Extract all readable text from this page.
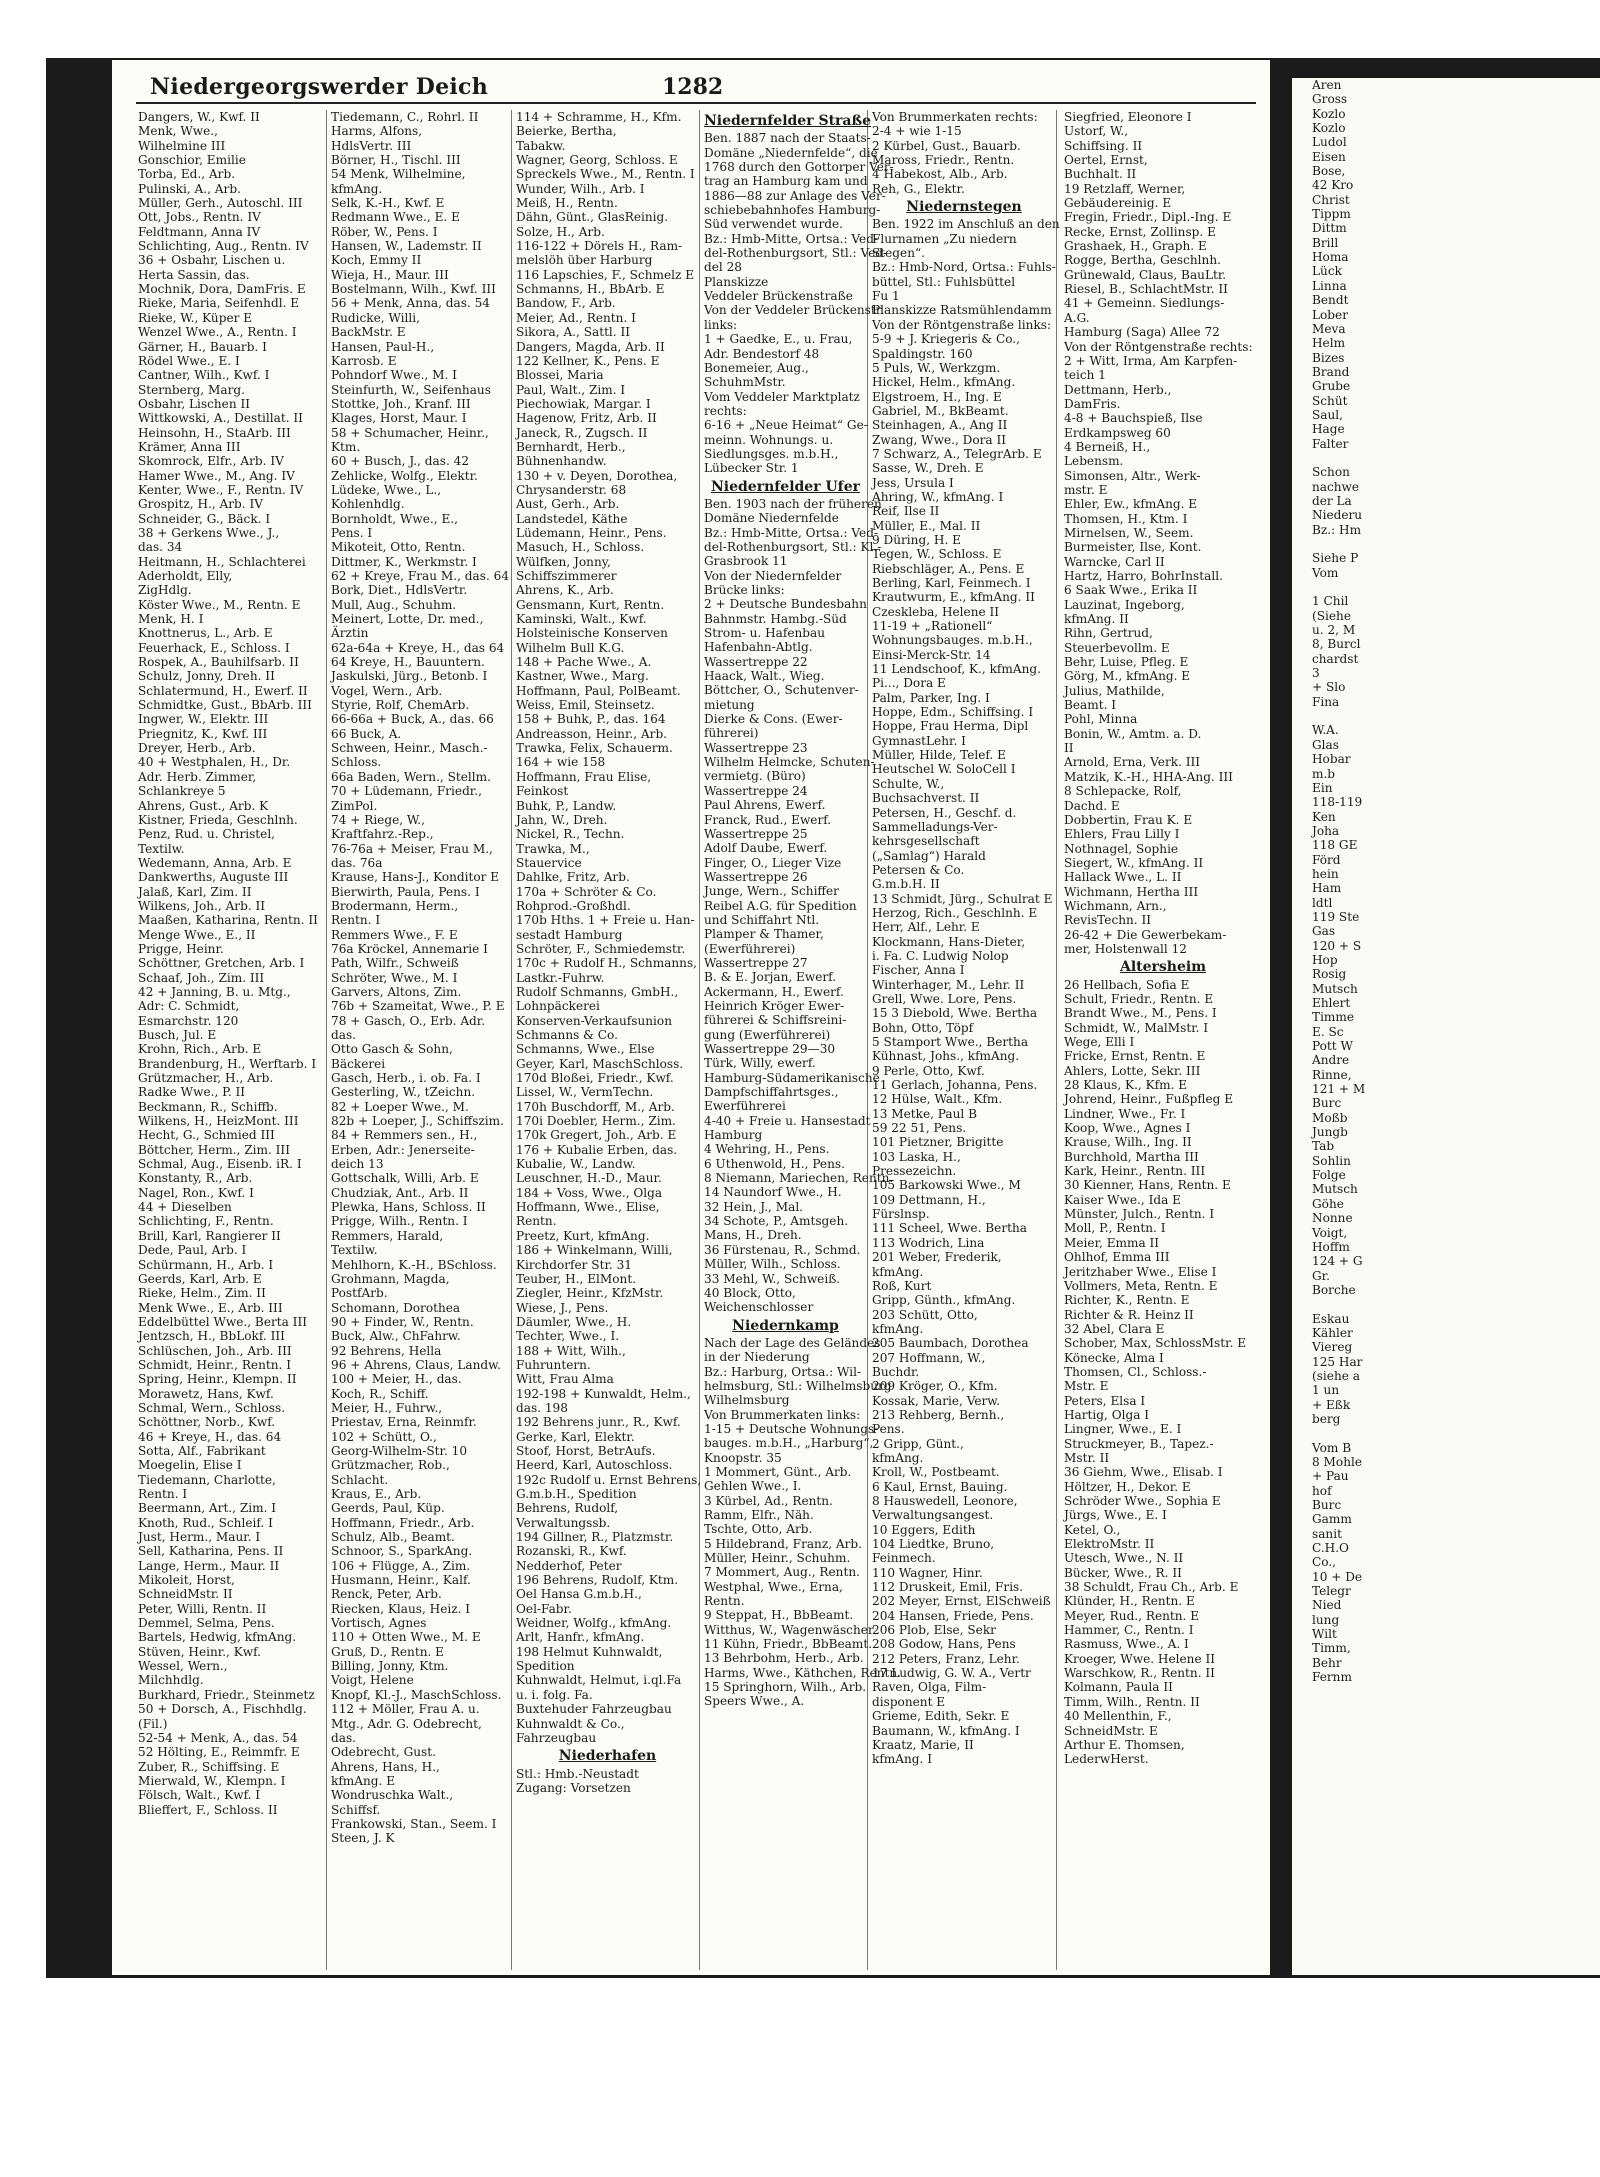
Niedergeorgswerder Deich	1282
Dangers, W., Kwf. II
Menk, Wwe.,
Wilhelmine III
Gonschior, Emilie
Torba, Ed., Arb.
Pulinski, A., Arb.
Müller, Gerh., Autoschl. III
Ott, Jobs., Rentn. IV
Feldtmann, Anna IV
Schlichting, Aug., Rentn. IV
36 + Osbahr, Lischen u.
Herta Sassin, das.
Mochnik, Dora, DamFris. E
Rieke, Maria, Seifenhdl. E
Rieke, W., Küper E
Wenzel Wwe., A., Rentn. I
Gärner, H., Bauarb. I
Rödel Wwe., E. I
Cantner, Wilh., Kwf. I
Sternberg, Marg.
Osbahr, Lischen II
Wittkowski, A., Destillat. II
Heinsohn, H., StaArb. III
Krämer, Anna III
Skomrock, Elfr., Arb. IV
Hamer Wwe., M., Ang. IV
Kenter, Wwe., F., Rentn. IV
Grospitz, H., Arb. IV
Schneider, G., Bäck. I
38 + Gerkens Wwe., J.,
das. 34
Heitmann, H., Schlachterei
Aderholdt, Elly,
ZigHdlg.
Köster Wwe., M., Rentn. E
Menk, H. I
Knottnerus, L., Arb. E
Feuerhack, E., Schloss. I
Rospek, A., Bauhilfsarb. II
Schulz, Jonny, Dreh. II
Schlatermund, H., Ewerf. II
Schmidtke, Gust., BbArb. III
Ingwer, W., Elektr. III
Priegnitz, K., Kwf. III
Dreyer, Herb., Arb.
40 + Westphalen, H., Dr.
Adr. Herb. Zimmer,
Schlankreye 5
Ahrens, Gust., Arb. K
Kistner, Frieda, Geschlnh.
Penz, Rud. u. Christel,
Textilw.
Wedemann, Anna, Arb. E
Dankwerths, Auguste III
Jalaß, Karl, Zim. II
Wilkens, Joh., Arb. II
Maaßen, Katharina, Rentn. II
Menge Wwe., E., II
Prigge, Heinr.
Schöttner, Gretchen, Arb. I
Schaaf, Joh., Zim. III
42 + Janning, B. u. Mtg.,
Adr: C. Schmidt,
Esmarchstr. 120
Busch, Jul. E
Krohn, Rich., Arb. E
Brandenburg, H., Werftarb. I
Grützmacher, H., Arb.
Radke Wwe., P. II
Beckmann, R., Schiffb.
Wilkens, H., HeizMont. III
Hecht, G., Schmied III
Böttcher, Herm., Zim. III
Schmal, Aug., Eisenb. iR. I
Konstanty, R., Arb.
Nagel, Ron., Kwf. I
44 + Dieselben
Schlichting, F., Rentn.
Brill, Karl, Rangierer II
Dede, Paul, Arb. I
Schürmann, H., Arb. I
Geerds, Karl, Arb. E
Rieke, Helm., Zim. II
Menk Wwe., E., Arb. III
Eddelbüttel Wwe., Berta III
Jentzsch, H., BbLokf. III
Schlüschen, Joh., Arb. III
Schmidt, Heinr., Rentn. I
Spring, Heinr., Klempn. II
Morawetz, Hans, Kwf.
Schmal, Wern., Schloss.
Schöttner, Norb., Kwf.
46 + Kreye, H., das. 64
Sotta, Alf., Fabrikant
Moegelin, Elise I
Tiedemann, Charlotte,
Rentn. I
Beermann, Art., Zim. I
Knoth, Rud., Schleif. I
Just, Herm., Maur. I
Sell, Katharina, Pens. II
Lange, Herm., Maur. II
Mikoleit, Horst,
SchneidMstr. II
Peter, Willi, Rentn. II
Demmel, Selma, Pens.
Bartels, Hedwig, kfmAng.
Stüven, Heinr., Kwf.
Wessel, Wern.,
Milchhdlg.
Burkhard, Friedr., Steinmetz
50 + Dorsch, A., Fischhdlg.
(Fil.)
52-54 + Menk, A., das. 54
52 Hölting, E., Reimmfr. E
Zuber, R., Schiffsing. E
Mierwald, W., Klempn. I
Fölsch, Walt., Kwf. I
Blieffert, F., Schloss. II
Tiedemann, C., Rohrl. II
Harms, Alfons,
HdlsVertr. III
Börner, H., Tischl. III
54 Menk, Wilhelmine,
kfmAng.
Selk, K.-H., Kwf. E
Redmann Wwe., E. E
Röber, W., Pens. I
Hansen, W., Lademstr. II
Koch, Emmy II
Wieja, H., Maur. III
Bostelmann, Wilh., Kwf. III
56 + Menk, Anna, das. 54
Rudicke, Willi,
BackMstr. E
Hansen, Paul-H.,
Karrosb. E
Pohndorf Wwe., M. I
Steinfurth, W., Seifenhaus
Stottke, Joh., Kranf. III
Klages, Horst, Maur. I
58 + Schumacher, Heinr.,
Ktm.
60 + Busch, J., das. 42
Zehlicke, Wolfg., Elektr.
Lüdeke, Wwe., L.,
Kohlenhdlg.
Bornholdt, Wwe., E.,
Pens. I
Mikoteit, Otto, Rentn.
Dittmer, K., Werkmstr. I
62 + Kreye, Frau M., das. 64
Bork, Diet., HdlsVertr.
Mull, Aug., Schuhm.
Meinert, Lotte, Dr. med.,
Ärztin
62a-64a + Kreye, H., das 64
64 Kreye, H., Bauuntern.
Jaskulski, Jürg., Betonb. I
Vogel, Wern., Arb.
Styrie, Rolf, ChemArb.
66-66a + Buck, A., das. 66
66 Buck, A.
Schween, Heinr., Masch.-
Schloss.
66a Baden, Wern., Stellm.
70 + Lüdemann, Friedr.,
ZimPol.
74 + Riege, W.,
Kraftfahrz.-Rep.,
76-76a + Meiser, Frau M.,
das. 76a
Krause, Hans-J., Konditor E
Bierwirth, Paula, Pens. I
Brodermann, Herm.,
Rentn. I
Remmers Wwe., F. E
76a Kröckel, Annemarie I
Path, Wilfr., Schweiß
Schröter, Wwe., M. I
Garvers, Altons, Zim.
76b + Szameitat, Wwe., P. E
78 + Gasch, O., Erb. Adr.
das.
Otto Gasch & Sohn,
Bäckerei
Gasch, Herb., i. ob. Fa. I
Gesterling, W., tZeichn.
82 + Loeper Wwe., M.
82b + Loeper, J., Schiffszim.
84 + Remmers sen., H.,
Erben, Adr.: Jenerseite-
deich 13
Gottschalk, Willi, Arb. E
Chudziak, Ant., Arb. II
Plewka, Hans, Schloss. II
Prigge, Wilh., Rentn. I
Remmers, Harald,
Textilw.
Mehlhorn, K.-H., BSchloss.
Grohmann, Magda,
PostfArb.
Schomann, Dorothea
90 + Finder, W., Rentn.
Buck, Alw., ChFahrw.
92 Behrens, Hella
96 + Ahrens, Claus, Landw.
100 + Meier, H., das.
Koch, R., Schiff.
Meier, H., Fuhrw.,
Priestav, Erna, Reinmfr.
102 + Schütt, O.,
Georg-Wilhelm-Str. 10
Grützmacher, Rob.,
Schlacht.
Kraus, E., Arb.
Geerds, Paul, Küp.
Hoffmann, Friedr., Arb.
Schulz, Alb., Beamt.
Schnoor, S., SparkAng.
106 + Flügge, A., Zim.
Husmann, Heinr., Kalf.
Renck, Peter, Arb.
Riecken, Klaus, Heiz. I
Vortisch, Agnes
110 + Otten Wwe., M. E
Gruß, D., Rentn. E
Billing, Jonny, Ktm.
Voigt, Helene
Knopf, Kl.-J., MaschSchloss.
112 + Möller, Frau A. u.
Mtg., Adr. G. Odebrecht,
das.
Odebrecht, Gust.
Ahrens, Hans, H.,
kfmAng. E
Wondruschka Walt.,
Schiffsf.
Frankowski, Stan., Seem. I
Steen, J. K
114 + Schramme, H., Kfm.
Beierke, Bertha,
Tabakw.
Wagner, Georg, Schloss. E
Spreckels Wwe., M., Rentn. I
Wunder, Wilh., Arb. I
Meiß, H., Rentn.
Dähn, Günt., GlasReinig.
Solze, H., Arb.
116-122 + Dörels H., Ram-
melslöh über Harburg
116 Lapschies, F., Schmelz E
Schmanns, H., BbArb. E
Bandow, F., Arb.
Meier, Ad., Rentn. I
Sikora, A., Sattl. II
Dangers, Magda, Arb. II
122 Kellner, K., Pens. E
Blossei, Maria
Paul, Walt., Zim. I
Piechowiak, Margar. I
Hagenow, Fritz, Arb. II
Janeck, R., Zugsch. II
Bernhardt, Herb.,
Bühnenhandw.
130 + v. Deyen, Dorothea,
Chrysanderstr. 68
Aust, Gerh., Arb.
Landstedel, Käthe
Lüdemann, Heinr., Pens.
Masuch, H., Schloss.
Wülfken, Jonny,
Schiffszimmerer
Ahrens, K., Arb.
Gensmann, Kurt, Rentn.
Kaminski, Walt., Kwf.
Holsteinische Konserven
Wilhelm Bull K.G.
148 + Pache Wwe., A.
Kastner, Wwe., Marg.
Hoffmann, Paul, PolBeamt.
Weiss, Emil, Steinsetz.
158 + Buhk, P., das. 164
Andreasson, Heinr., Arb.
Trawka, Felix, Schauerm.
164 + wie 158
Hoffmann, Frau Elise,
Feinkost
Buhk, P., Landw.
Jahn, W., Dreh.
Nickel, R., Techn.
Trawka, M.,
Stauervice
Dahlke, Fritz, Arb.
170a + Schröter & Co.
Rohprod.-Großhdl.
170b Hths. 1 + Freie u. Han-
sestadt Hamburg
Schröter, F., Schmiedemstr.
170c + Rudolf H., Schmanns,
Lastkr.-Fuhrw.
Rudolf Schmanns, GmbH.,
Lohnpäckerei
Konserven-Verkaufsunion
Schmanns & Co.
Schmanns, Wwe., Else
Geyer, Karl, MaschSchloss.
170d Bloßei, Friedr., Kwf.
Lissel, W., VermTechn.
170h Buschdorff, M., Arb.
170i Doebler, Herm., Zim.
170k Gregert, Joh., Arb. E
176 + Kubalie Erben, das.
Kubalie, W., Landw.
Leuschner, H.-D., Maur.
184 + Voss, Wwe., Olga
Hoffmann, Wwe., Elise,
Rentn.
Preetz, Kurt, kfmAng.
186 + Winkelmann, Willi,
Kirchdorfer Str. 31
Teuber, H., ElMont.
Ziegler, Heinr., KfzMstr.
Wiese, J., Pens.
Däumler, Wwe., H.
Techter, Wwe., I.
188 + Witt, Wilh.,
Fuhruntern.
Witt, Frau Alma
192-198 + Kunwaldt, Helm.,
das. 198
192 Behrens junr., R., Kwf.
Gerke, Karl, Elektr.
Stoof, Horst, BetrAufs.
Heerd, Karl, Autoschloss.
192c Rudolf u. Ernst Behrens,
G.m.b.H., Spedition
Behrens, Rudolf,
Verwaltungssb.
194 Gillner, R., Platzmstr.
Rozanski, R., Kwf.
Nedderhof, Peter
196 Behrens, Rudolf, Ktm.
Oel Hansa G.m.b.H.,
Oel-Fabr.
Weidner, Wolfg., kfmAng.
Arlt, Hanfr., kfmAng.
198 Helmut Kuhnwaldt,
Spedition
Kuhnwaldt, Helmut, i.ql.Fa
u. i. folg. Fa.
Buxtehuder Fahrzeugbau
Kuhnwaldt & Co.,
Fahrzeugbau
Niederhafen
Stl.: Hmb.-Neustadt
Zugang: Vorsetzen
Niedernfelder Straße
Ben. 1887 nach der Staats-
Domäne „Niedernfelde“, die
1768 durch den Gottorper Ver-
trag an Hamburg kam und
1886—88 zur Anlage des Ver-
schiebebahnhofes Hamburg-
Süd verwendet wurde.
Bz.: Hmb-Mitte, Ortsa.: Ved-
del-Rothenburgsort, Stl.: Ved-
del 28
Planskizze
Veddeler Brückenstraße
Von der Veddeler Brückenstr.
links:
1 + Gaedke, E., u. Frau,
Adr. Bendestorf 48
Bonemeier, Aug.,
SchuhmMstr.
Vom Veddeler Marktplatz
rechts:
6-16 + „Neue Heimat“ Ge-
meinn. Wohnungs. u.
Siedlungsges. m.b.H.,
Lübecker Str. 1
Niedernfelder Ufer
Ben. 1903 nach der früheren
Domäne Niedernfelde
Bz.: Hmb-Mitte, Ortsa.: Ved-
del-Rothenburgsort, Stl.: Kl.-
Grasbrook 11
Von der Niedernfelder
Brücke links:
2 + Deutsche Bundesbahn
Bahnmstr. Hambg.-Süd
Strom- u. Hafenbau
Hafenbahn-Abtlg.
Wassertreppe 22
Haack, Walt., Wieg.
Böttcher, O., Schutenver-
mietung
Dierke & Cons. (Ewer-
führerei)
Wassertreppe 23
Wilhelm Helmcke, Schuten-
vermietg. (Büro)
Wassertreppe 24
Paul Ahrens, Ewerf.
Franck, Rud., Ewerf.
Wassertreppe 25
Adolf Daube, Ewerf.
Finger, O., Lieger Vize
Wassertreppe 26
Junge, Wern., Schiffer
Reibel A.G. für Spedition
und Schiffahrt Ntl.
Plamper & Thamer,
(Ewerführerei)
Wassertreppe 27
B. & E. Jorjan, Ewerf.
Ackermann, H., Ewerf.
Heinrich Kröger Ewer-
führerei & Schiffsreini-
gung (Ewerführerei)
Wassertreppe 29—30
Türk, Willy, ewerf.
Hamburg-Südamerikanische
Dampfschiffahrtsges.,
Ewerführerei
4-40 + Freie u. Hansestadt
Hamburg
4 Wehring, H., Pens.
6 Uthenwold, H., Pens.
8 Niemann, Mariechen, Rentn.
14 Naundorf Wwe., H.
32 Hein, J., Mal.
34 Schote, P., Amtsgeh.
Mans, H., Dreh.
36 Fürstenau, R., Schmd.
Müller, Wilh., Schloss.
33 Mehl, W., Schweiß.
40 Block, Otto,
Weichenschlosser
Niedernkamp
Nach der Lage des Geländes
in der Niederung
Bz.: Harburg, Ortsa.: Wil-
helmsburg, Stl.: Wilhelmsburg
Wilhelmsburg
Von Brummerkaten links:
1-15 + Deutsche Wohnungs-
bauges. m.b.H., „Harburg“,
Knoopstr. 35
1 Mommert, Günt., Arb.
Gehlen Wwe., I.
3 Kürbel, Ad., Rentn.
Ramm, Elfr., Näh.
Tschte, Otto, Arb.
5 Hildebrand, Franz, Arb.
Müller, Heinr., Schuhm.
7 Mommert, Aug., Rentn.
Westphal, Wwe., Erna,
Rentn.
9 Steppat, H., BbBeamt.
Witthus, W., Wagenwäscher
11 Kühn, Friedr., BbBeamt.
13 Behrbohm, Herb., Arb.
Harms, Wwe., Käthchen, Rentn.
15 Springhorn, Wilh., Arb.
Speers Wwe., A.
Von Brummerkaten rechts:
2-4 + wie 1-15
2 Kürbel, Gust., Bauarb.
Maross, Friedr., Rentn.
4 Habekost, Alb., Arb.
Reh, G., Elektr.
Niedernstegen
Ben. 1922 im Anschluß an den
Flurnamen „Zu niedern
Stegen“.
Bz.: Hmb-Nord, Ortsa.: Fuhls-
büttel, Stl.: Fuhlsbüttel
Fu 1
Planskizze Ratsmühlendamm
Von der Röntgenstraße links:
5-9 + J. Kriegeris & Co.,
Spaldingstr. 160
5 Puls, W., Werkzgm.
Hickel, Helm., kfmAng.
Elgstroem, H., Ing. E
Gabriel, M., BkBeamt.
Steinhagen, A., Ang II
Zwang, Wwe., Dora II
7 Schwarz, A., TelegrArb. E
Sasse, W., Dreh. E
Jess, Ursula I
Ahring, W., kfmAng. I
Reif, Ilse II
Müller, E., Mal. II
9 Düring, H. E
Tegen, W., Schloss. E
Riebschläger, A., Pens. E
Berling, Karl, Feinmech. I
Krautwurm, E., kfmAng. II
Czeskleba, Helene II
11-19 + „Rationell“
Wohnungsbauges. m.b.H.,
Einsi-Merck-Str. 14
11 Lendschoof, K., kfmAng.
Pi..., Dora E
Palm, Parker, Ing. I
Hoppe, Edm., Schiffsing. I
Hoppe, Frau Herma, Dipl
GymnastLehr. I
Müller, Hilde, Telef. E
Heutschel W. SoloCell I
Schulte, W.,
Buchsachverst. II
Petersen, H., Geschf. d.
Sammelladungs-Ver-
kehrsgesellschaft
(„Samlag“) Harald
Petersen & Co.
G.m.b.H. II
13 Schmidt, Jürg., Schulrat E
Herzog, Rich., Geschlnh. E
Herr, Alf., Lehr. E
Klockmann, Hans-Dieter,
i. Fa. C. Ludwig Nolop
Fischer, Anna I
Winterhager, M., Lehr. II
Grell, Wwe. Lore, Pens.
15 3 Diebold, Wwe. Bertha
Bohn, Otto, Töpf
5 Stamport Wwe., Bertha
Kühnast, Johs., kfmAng.
9 Perle, Otto, Kwf.
11 Gerlach, Johanna, Pens.
12 Hülse, Walt., Kfm.
13 Metke, Paul B
59 22 51, Pens.
101 Pietzner, Brigitte
103 Laska, H.,
Pressezeichn.
105 Barkowski Wwe., M
109 Dettmann, H.,
Fürslnsp.
111 Scheel, Wwe. Bertha
113 Wodrich, Lina
201 Weber, Frederik,
kfmAng.
Roß, Kurt
Gripp, Günth., kfmAng.
203 Schütt, Otto,
kfmAng.
205 Baumbach, Dorothea
207 Hoffmann, W.,
Buchdr.
209 Kröger, O., Kfm.
Kossak, Marie, Verw.
213 Rehberg, Bernh.,
Pens.
2 Gripp, Günt.,
kfmAng.
Kroll, W., Postbeamt.
6 Kaul, Ernst, Bauing.
8 Hauswedell, Leonore,
Verwaltungsangest.
10 Eggers, Edith
104 Liedtke, Bruno,
Feinmech.
110 Wagner, Hinr.
112 Druskeit, Emil, Fris.
202 Meyer, Ernst, ElSchweiß
204 Hansen, Friede, Pens.
206 Plob, Else, Sekr
208 Godow, Hans, Pens
212 Peters, Franz, Lehr.
17 Ludwig, G. W. A., Vertr
Raven, Olga, Film-
disponent E
Grieme, Edith, Sekr. E
Baumann, W., kfmAng. I
Kraatz, Marie, II
kfmAng. I
Siegfried, Eleonore I
Ustorf, W.,
Schiffsing. II
Oertel, Ernst,
Buchhalt. II
19 Retzlaff, Werner,
Gebäudereinig. E
Fregin, Friedr., Dipl.-Ing. E
Recke, Ernst, Zollinsp. E
Grashaek, H., Graph. E
Rogge, Bertha, Geschlnh.
Grünewald, Claus, BauLtr.
Riesel, B., SchlachtMstr. II
41 + Gemeinn. Siedlungs-
A.G.
Hamburg (Saga) Allee 72
Von der Röntgenstraße rechts:
2 + Witt, Irma, Am Karpfen-
teich 1
Dettmann, Herb.,
DamFris.
4-8 + Bauchspieß, Ilse
Erdkampsweg 60
4 Berneiß, H.,
Lebensm.
Simonsen, Altr., Werk-
mstr. E
Ehler, Ew., kfmAng. E
Thomsen, H., Ktm. I
Mirnelsen, W., Seem.
Burmeister, Ilse, Kont.
Warncke, Carl II
Hartz, Harro, BohrInstall.
6 Saak Wwe., Erika II
Lauzinat, Ingeborg,
kfmAng. II
Rihn, Gertrud,
Steuerbevollm. E
Behr, Luise, Pfleg. E
Görg, M., kfmAng. E
Julius, Mathilde,
Beamt. I
Pohl, Minna
Bonin, W., Amtm. a. D.
II
Arnold, Erna, Verk. III
Matzik, K.-H., HHA-Ang. III
8 Schlepacke, Rolf,
Dachd. E
Dobbertin, Frau K. E
Ehlers, Frau Lilly I
Nothnagel, Sophie
Siegert, W., kfmAng. II
Hallack Wwe., L. II
Wichmann, Hertha III
Wichmann, Arn.,
RevisTechn. II
26-42 + Die Gewerbekam-
mer, Holstenwall 12
Altersheim
26 Hellbach, Sofia E
Schult, Friedr., Rentn. E
Brandt Wwe., M., Pens. I
Schmidt, W., MalMstr. I
Wege, Elli I
Fricke, Ernst, Rentn. E
Ahlers, Lotte, Sekr. III
28 Klaus, K., Kfm. E
Johrend, Heinr., Fußpfleg E
Lindner, Wwe., Fr. I
Koop, Wwe., Agnes I
Krause, Wilh., Ing. II
Burchhold, Martha III
Kark, Heinr., Rentn. III
30 Kienner, Hans, Rentn. E
Kaiser Wwe., Ida E
Münster, Julch., Rentn. I
Moll, P., Rentn. I
Meier, Emma II
Ohlhof, Emma III
Jeritzhaber Wwe., Elise I
Vollmers, Meta, Rentn. E
Richter, K., Rentn. E
Richter & R. Heinz II
32 Abel, Clara E
Schober, Max, SchlossMstr. E
Könecke, Alma I
Thomsen, Cl., Schloss.-
Mstr. E
Peters, Elsa I
Hartig, Olga I
Lingner, Wwe., E. I
Struckmeyer, B., Tapez.-
Mstr. II
36 Giehm, Wwe., Elisab. I
Höltzer, H., Dekor. E
Schröder Wwe., Sophia E
Jürgs, Wwe., E. I
Ketel, O.,
ElektroMstr. II
Utesch, Wwe., N. II
Bücker, Wwe., R. II
38 Schuldt, Frau Ch., Arb. E
Klünder, H., Rentn. E
Meyer, Rud., Rentn. E
Hammer, C., Rentn. I
Rasmuss, Wwe., A. I
Kroeger, Wwe. Helene II
Warschkow, R., Rentn. II
Kolmann, Paula II
Timm, Wilh., Rentn. II
40 Mellenthin, F.,
SchneidMstr. E
Arthur E. Thomsen,
LederwHerst.
Aren
Gross
Kozlo
Kozlo
Ludol
Eisen
Bose,
42 Kro
Christ
Tippm
Dittm
Brill
Homa
Lück
Linna
Bendt
Lober
Meva
Helm
Bizes
Brand
Grube
Schüt
Saul,
Hage
Falter

Schon
nachwe
der La
Niederu
Bz.: Hm

Siehe P
Vom

1 Chil
(Siehe
u. 2, M
8, Burcl
chardst
3
+ Slo
Fina

W.A.
Glas
Hobar
m.b
Ein
118-119
Ken
Joha
118 GE
Förd
hein
Ham
ldtl
119 Ste
Gas
120 + S
Hop
Rosig
Mutsch
Ehlert
Timme
E. Sc
Pott W
Andre
Rinne,
121 + M
Burc
Moßb
Jungb
Tab
Sohlin
Folge
Mutsch
Göhe
Nonne
Voigt,
Hoffm
124 + G
Gr.
Borche

Eskau
Kähler
Viereg
125 Har
(siehe a
1 un
+ Eßk
berg

Vom B
8 Mohle
+ Pau
hof
Burc
Gamm
sanit
C.H.O
Co.,
10 + De
Telegr
Nied
lung
Wilt
Timm,
Behr
Fernm
